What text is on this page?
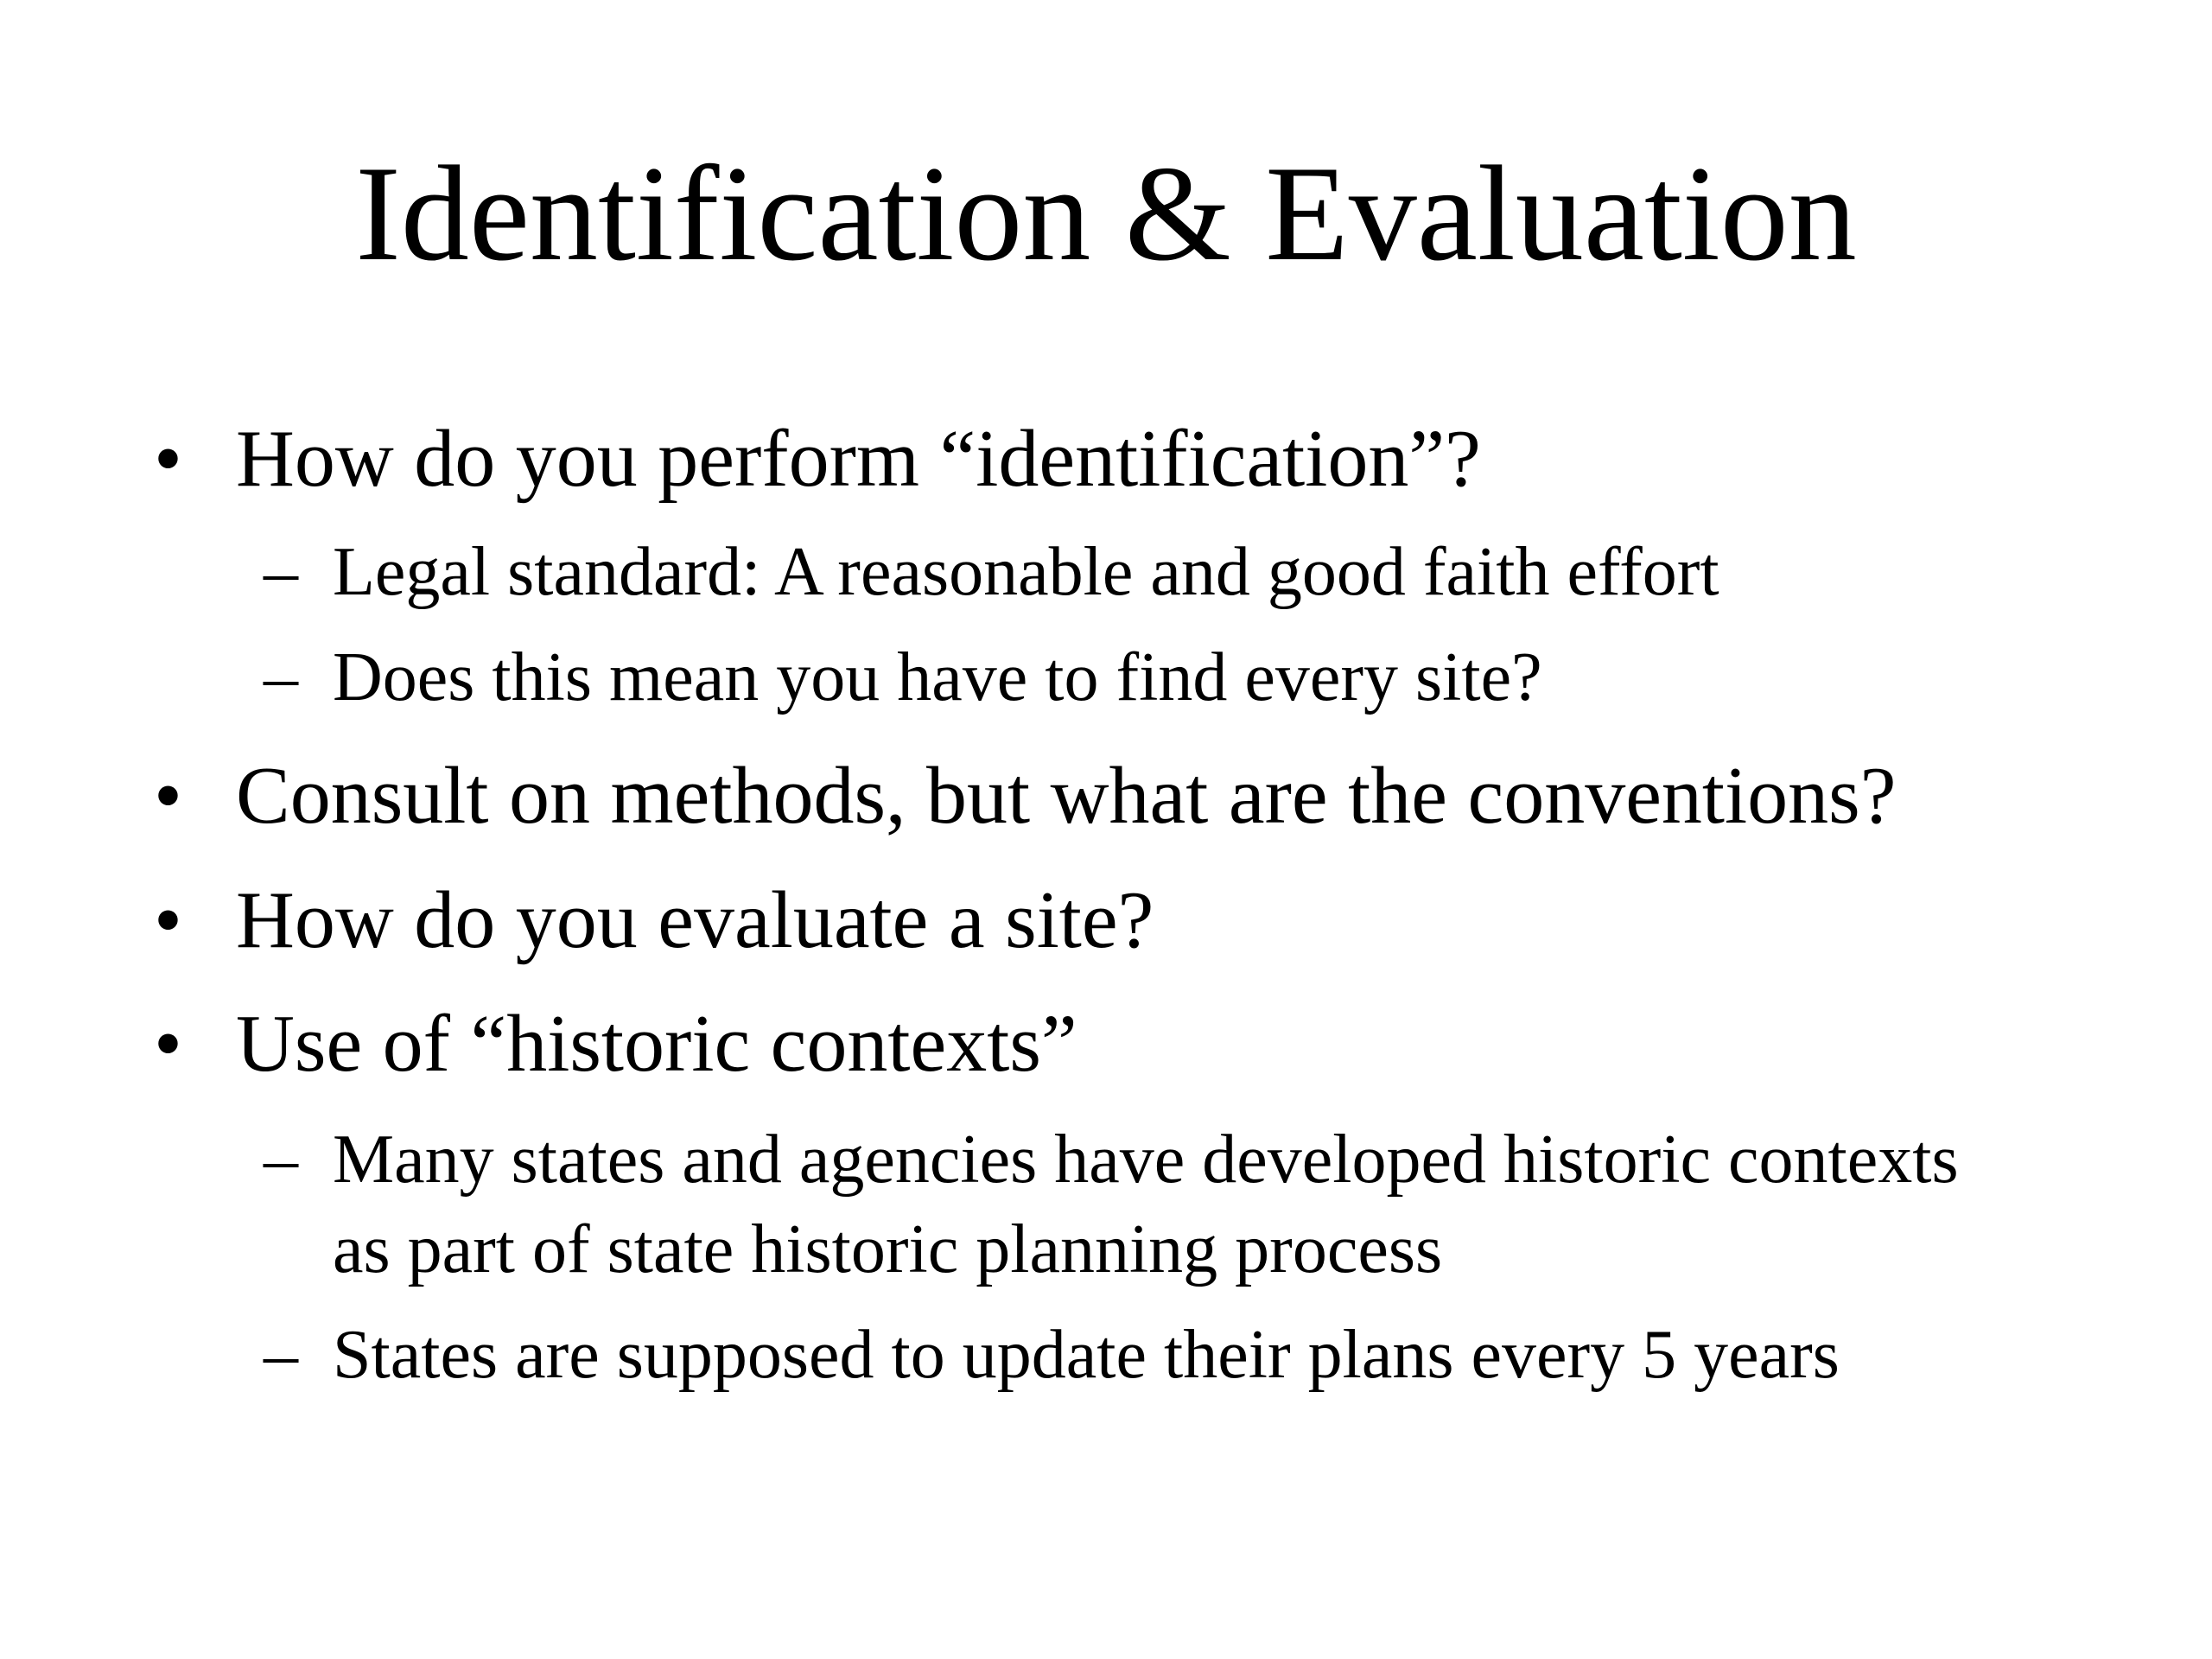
Identification & Evaluation
• How do you perform “identification”?
– Legal standard: A reasonable and good faith effort
– Does this mean you have to find every site?
• Consult on methods, but what are the conventions?
• How do you evaluate a site?
• Use of “historic contexts”
– Many states and agencies have developed historic contexts
as part of state historic planning process
– States are supposed to update their plans every 5 years
